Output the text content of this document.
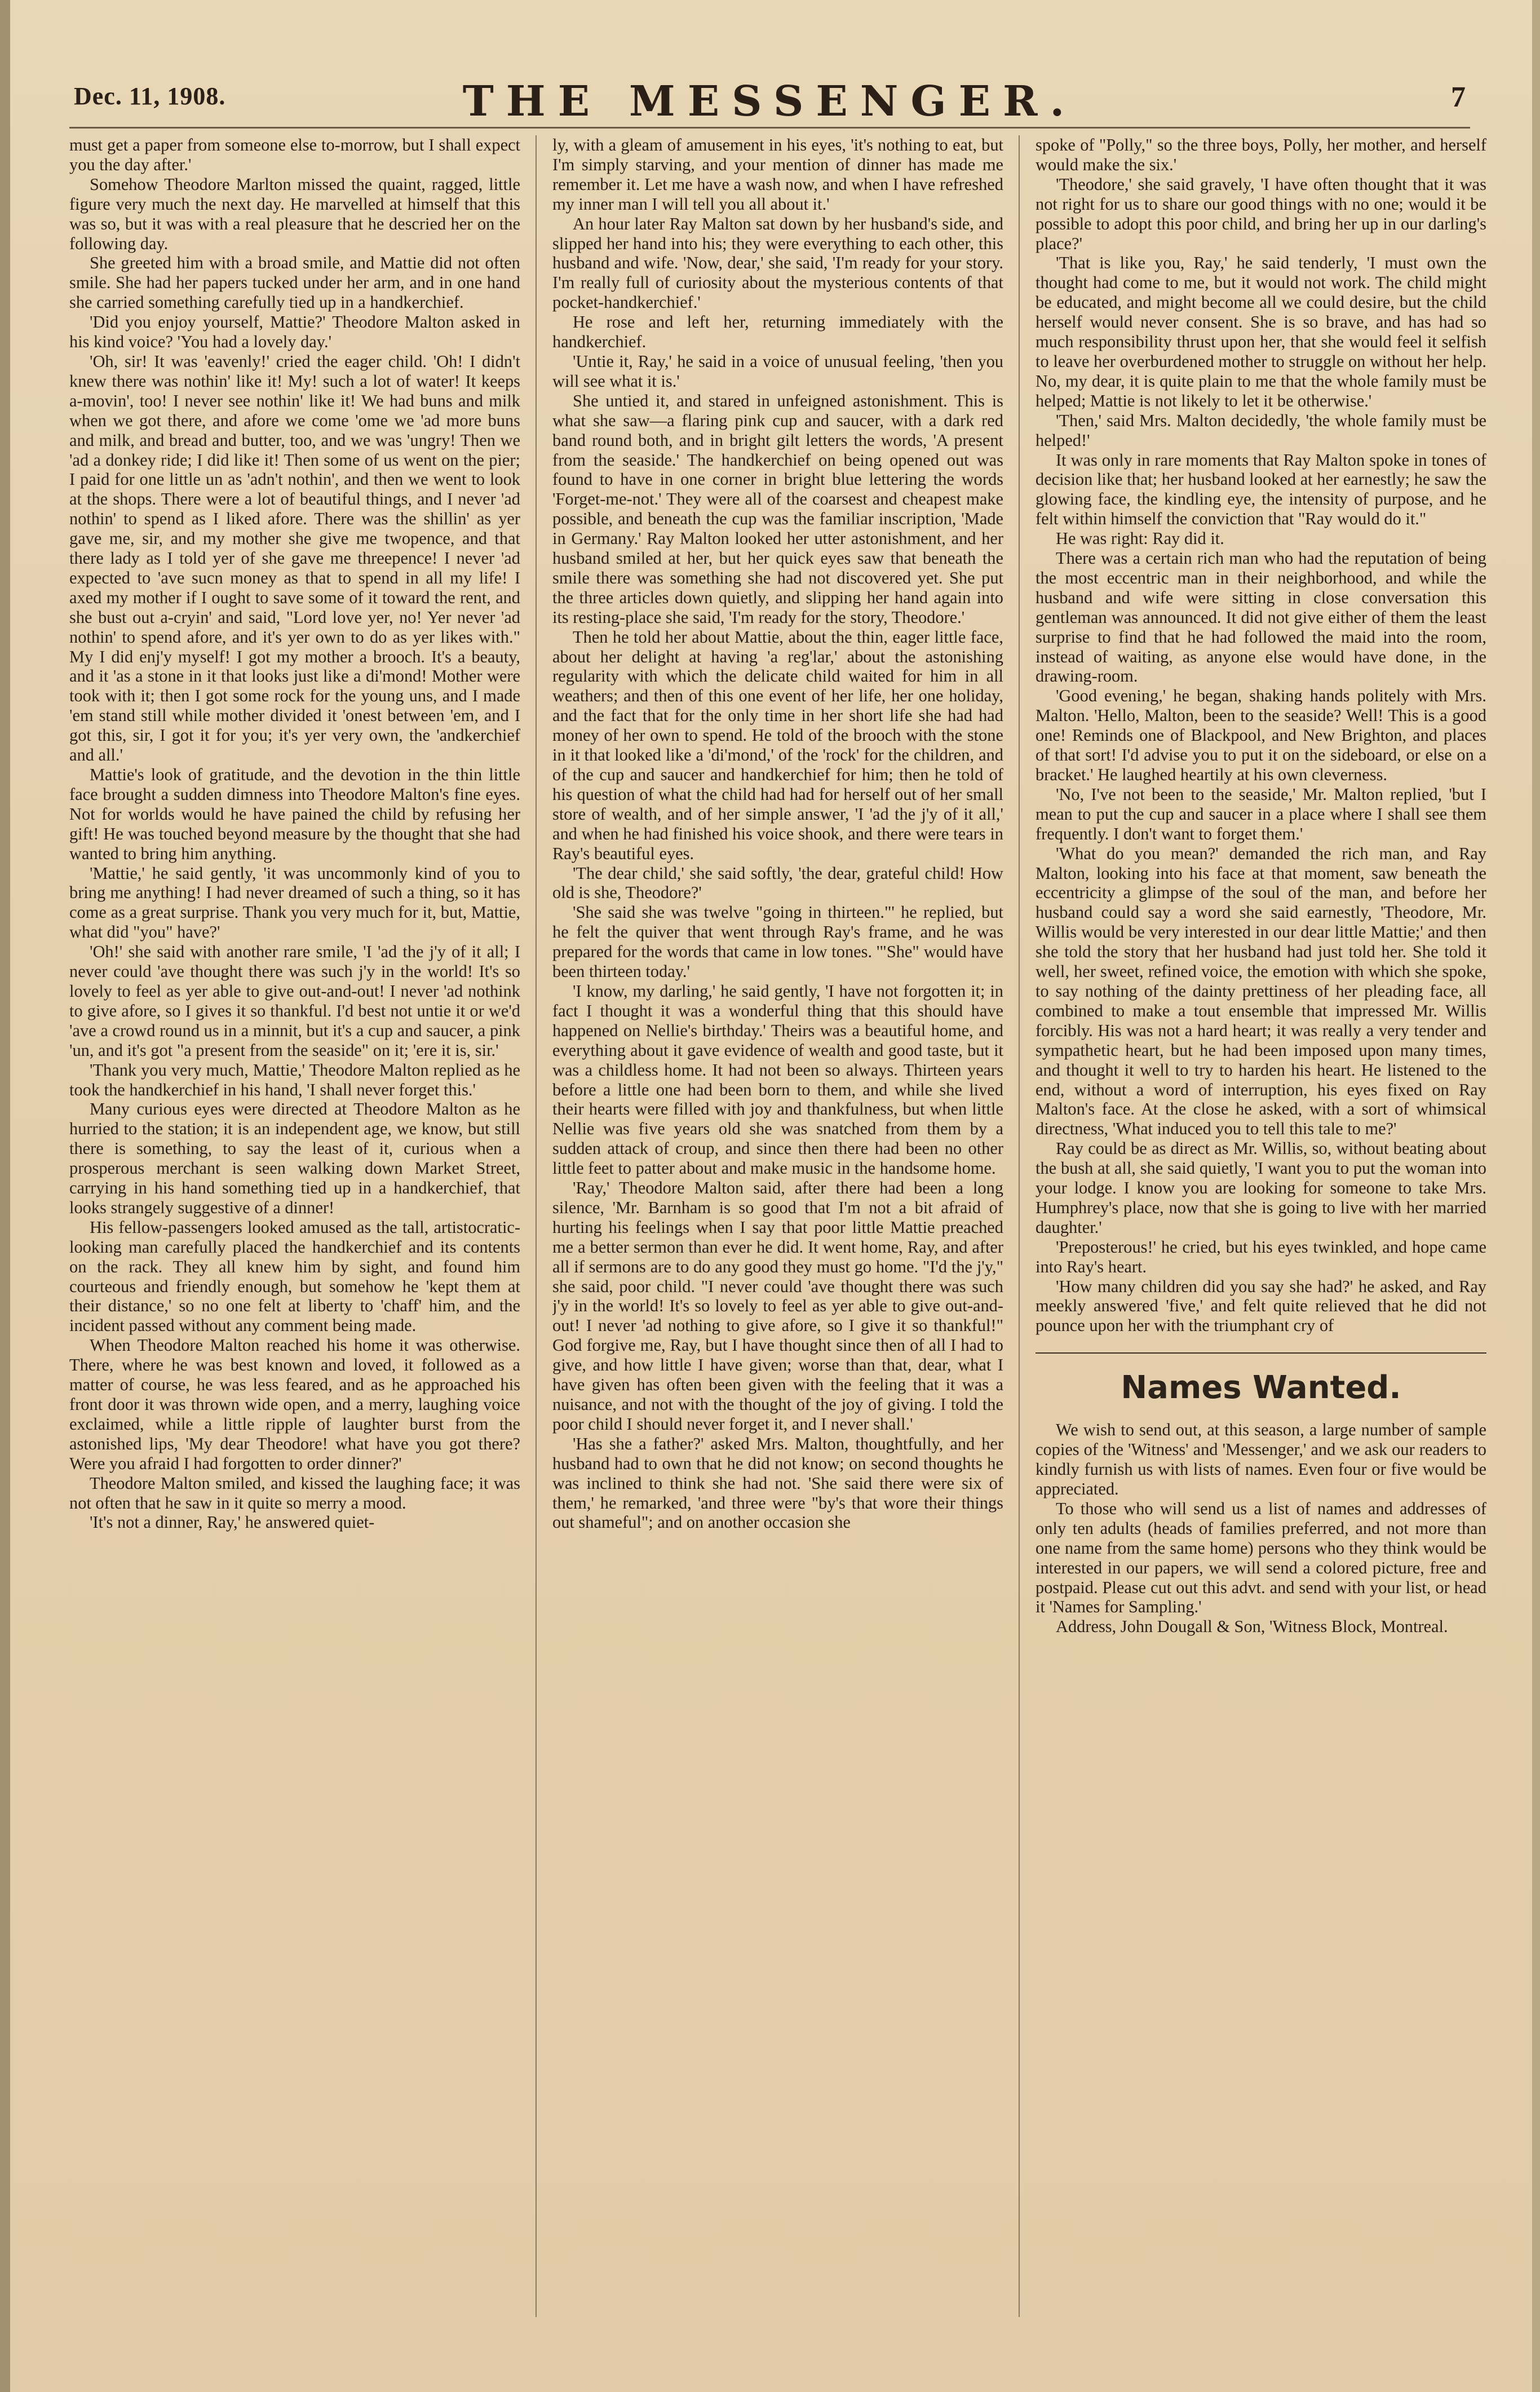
Dec. 11, 1908.	THE MESSENGER.	7

must get a paper from someone else to-morrow, but I shall expect you the day after.'

Somehow Theodore Marlton missed the quaint, ragged, little figure very much the next day. He marvelled at himself that this was so, but it was with a real pleasure that he descried her on the following day.

She greeted him with a broad smile, and Mattie did not often smile. She had her papers tucked under her arm, and in one hand she carried something carefully tied up in a handkerchief.

'Did you enjoy yourself, Mattie?' Theodore Malton asked in his kind voice? 'You had a lovely day.'

'Oh, sir! It was 'eavenly!' cried the eager child. 'Oh! I didn't knew there was nothin' like it! My! such a lot of water! It keeps a-movin', too! I never see nothin' like it! We had buns and milk when we got there, and afore we come 'ome we 'ad more buns and milk, and bread and butter, too, and we was 'ungry! Then we 'ad a donkey ride; I did like it! Then some of us went on the pier; I paid for one little un as 'adn't nothin', and then we went to look at the shops. There were a lot of beautiful things, and I never 'ad nothin' to spend as I liked afore. There was the shillin' as yer gave me, sir, and my mother she give me twopence, and that there lady as I told yer of she gave me threepence! I never 'ad expected to 'ave sucn money as that to spend in all my life! I axed my mother if I ought to save some of it toward the rent, and she bust out a-cryin' and said, "Lord love yer, no! Yer never 'ad nothin' to spend afore, and it's yer own to do as yer likes with." My I did enj'y myself! I got my mother a brooch. It's a beauty, and it 'as a stone in it that looks just like a di'mond! Mother were took with it; then I got some rock for the young uns, and I made 'em stand still while mother divided it 'onest between 'em, and I got this, sir, I got it for you; it's yer very own, the 'andkerchief and all.'

Mattie's look of gratitude, and the devotion in the thin little face brought a sudden dimness into Theodore Malton's fine eyes. Not for worlds would he have pained the child by refusing her gift! He was touched beyond measure by the thought that she had wanted to bring him anything.

'Mattie,' he said gently, 'it was uncommonly kind of you to bring me anything! I had never dreamed of such a thing, so it has come as a great surprise. Thank you very much for it, but, Mattie, what did "you" have?'

'Oh!' she said with another rare smile, 'I 'ad the j'y of it all; I never could 'ave thought there was such j'y in the world! It's so lovely to feel as yer able to give out-and-out! I never 'ad nothink to give afore, so I gives it so thankful. I'd best not untie it or we'd 'ave a crowd round us in a minnit, but it's a cup and saucer, a pink 'un, and it's got "a present from the seaside" on it; 'ere it is, sir.'

'Thank you very much, Mattie,' Theodore Malton replied as he took the handkerchief in his hand, 'I shall never forget this.'

Many curious eyes were directed at Theodore Malton as he hurried to the station; it is an independent age, we know, but still there is something, to say the least of it, curious when a prosperous merchant is seen walking down Market Street, carrying in his hand something tied up in a handkerchief, that looks strangely suggestive of a dinner!

His fellow-passengers looked amused as the tall, artistocratic-looking man carefully placed the handkerchief and its contents on the rack. They all knew him by sight, and found him courteous and friendly enough, but somehow he 'kept them at their distance,' so no one felt at liberty to 'chaff' him, and the incident passed without any comment being made.

When Theodore Malton reached his home it was otherwise. There, where he was best known and loved, it followed as a matter of course, he was less feared, and as he approached his front door it was thrown wide open, and a merry, laughing voice exclaimed, while a little ripple of laughter burst from the astonished lips, 'My dear Theodore! what have you got there? Were you afraid I had forgotten to order dinner?'

Theodore Malton smiled, and kissed the laughing face; it was not often that he saw in it quite so merry a mood.

'It's not a dinner, Ray,' he answered quiet-

ly, with a gleam of amusement in his eyes, 'it's nothing to eat, but I'm simply starving, and your mention of dinner has made me remember it. Let me have a wash now, and when I have refreshed my inner man I will tell you all about it.'

An hour later Ray Malton sat down by her husband's side, and slipped her hand into his; they were everything to each other, this husband and wife. 'Now, dear,' she said, 'I'm ready for your story. I'm really full of curiosity about the mysterious contents of that pocket-handkerchief.'

He rose and left her, returning immediately with the handkerchief.

'Untie it, Ray,' he said in a voice of unusual feeling, 'then you will see what it is.'

She untied it, and stared in unfeigned astonishment. This is what she saw—a flaring pink cup and saucer, with a dark red band round both, and in bright gilt letters the words, 'A present from the seaside.' The handkerchief on being opened out was found to have in one corner in bright blue lettering the words 'Forget-me-not.' They were all of the coarsest and cheapest make possible, and beneath the cup was the familiar inscription, 'Made in Germany.' Ray Malton looked her utter astonishment, and her husband smiled at her, but her quick eyes saw that beneath the smile there was something she had not discovered yet. She put the three articles down quietly, and slipping her hand again into its resting-place she said, 'I'm ready for the story, Theodore.'

Then he told her about Mattie, about the thin, eager little face, about her delight at having 'a reg'lar,' about the astonishing regularity with which the delicate child waited for him in all weathers; and then of this one event of her life, her one holiday, and the fact that for the only time in her short life she had had money of her own to spend. He told of the brooch with the stone in it that looked like a 'di'mond,' of the 'rock' for the children, and of the cup and saucer and handkerchief for him; then he told of his question of what the child had had for herself out of her small store of wealth, and of her simple answer, 'I 'ad the j'y of it all,' and when he had finished his voice shook, and there were tears in Ray's beautiful eyes.

'The dear child,' she said softly, 'the dear, grateful child! How old is she, Theodore?'

'She said she was twelve "going in thirteen."' he replied, but he felt the quiver that went through Ray's frame, and he was prepared for the words that came in low tones. '"She" would have been thirteen today.'

'I know, my darling,' he said gently, 'I have not forgotten it; in fact I thought it was a wonderful thing that this should have happened on Nellie's birthday.' Theirs was a beautiful home, and everything about it gave evidence of wealth and good taste, but it was a childless home. It had not been so always. Thirteen years before a little one had been born to them, and while she lived their hearts were filled with joy and thankfulness, but when little Nellie was five years old she was snatched from them by a sudden attack of croup, and since then there had been no other little feet to patter about and make music in the handsome home.

'Ray,' Theodore Malton said, after there had been a long silence, 'Mr. Barnham is so good that I'm not a bit afraid of hurting his feelings when I say that poor little Mattie preached me a better sermon than ever he did. It went home, Ray, and after all if sermons are to do any good they must go home. "I'd the j'y," she said, poor child. "I never could 'ave thought there was such j'y in the world! It's so lovely to feel as yer able to give out-and-out! I never 'ad nothing to give afore, so I give it so thankful!" God forgive me, Ray, but I have thought since then of all I had to give, and how little I have given; worse than that, dear, what I have given has often been given with the feeling that it was a nuisance, and not with the thought of the joy of giving. I told the poor child I should never forget it, and I never shall.'

'Has she a father?' asked Mrs. Malton, thoughtfully, and her husband had to own that he did not know; on second thoughts he was inclined to think she had not. 'She said there were six of them,' he remarked, 'and three were "by's that wore their things out shameful"; and on another occasion she

spoke of "Polly," so the three boys, Polly, her mother, and herself would make the six.'

'Theodore,' she said gravely, 'I have often thought that it was not right for us to share our good things with no one; would it be possible to adopt this poor child, and bring her up in our darling's place?'

'That is like you, Ray,' he said tenderly, 'I must own the thought had come to me, but it would not work. The child might be educated, and might become all we could desire, but the child herself would never consent. She is so brave, and has had so much responsibility thrust upon her, that she would feel it selfish to leave her overburdened mother to struggle on without her help. No, my dear, it is quite plain to me that the whole family must be helped; Mattie is not likely to let it be otherwise.'

'Then,' said Mrs. Malton decidedly, 'the whole family must be helped!'

It was only in rare moments that Ray Malton spoke in tones of decision like that; her husband looked at her earnestly; he saw the glowing face, the kindling eye, the intensity of purpose, and he felt within himself the conviction that "Ray would do it."

He was right: Ray did it.

There was a certain rich man who had the reputation of being the most eccentric man in their neighborhood, and while the husband and wife were sitting in close conversation this gentleman was announced. It did not give either of them the least surprise to find that he had followed the maid into the room, instead of waiting, as anyone else would have done, in the drawing-room.

'Good evening,' he began, shaking hands politely with Mrs. Malton. 'Hello, Malton, been to the seaside? Well! This is a good one! Reminds one of Blackpool, and New Brighton, and places of that sort! I'd advise you to put it on the sideboard, or else on a bracket.' He laughed heartily at his own cleverness.

'No, I've not been to the seaside,' Mr. Malton replied, 'but I mean to put the cup and saucer in a place where I shall see them frequently. I don't want to forget them.'

'What do you mean?' demanded the rich man, and Ray Malton, looking into his face at that moment, saw beneath the eccentricity a glimpse of the soul of the man, and before her husband could say a word she said earnestly, 'Theodore, Mr. Willis would be very interested in our dear little Mattie;' and then she told the story that her husband had just told her. She told it well, her sweet, refined voice, the emotion with which she spoke, to say nothing of the dainty prettiness of her pleading face, all combined to make a tout ensemble that impressed Mr. Willis forcibly. His was not a hard heart; it was really a very tender and sympathetic heart, but he had been imposed upon many times, and thought it well to try to harden his heart. He listened to the end, without a word of interruption, his eyes fixed on Ray Malton's face. At the close he asked, with a sort of whimsical directness, 'What induced you to tell this tale to me?'

Ray could be as direct as Mr. Willis, so, without beating about the bush at all, she said quietly, 'I want you to put the woman into your lodge. I know you are looking for someone to take Mrs. Humphrey's place, now that she is going to live with her married daughter.'

'Preposterous!' he cried, but his eyes twinkled, and hope came into Ray's heart.

'How many children did you say she had?' he asked, and Ray meekly answered 'five,' and felt quite relieved that he did not pounce upon her with the triumphant cry of

Names Wanted.

We wish to send out, at this season, a large number of sample copies of the 'Witness' and 'Messenger,' and we ask our readers to kindly furnish us with lists of names. Even four or five would be appreciated.

To those who will send us a list of names and addresses of only ten adults (heads of families preferred, and not more than one name from the same home) persons who they think would be interested in our papers, we will send a colored picture, free and postpaid. Please cut out this advt. and send with your list, or head it 'Names for Sampling.'

Address, John Dougall & Son, 'Witness Block, Montreal.
